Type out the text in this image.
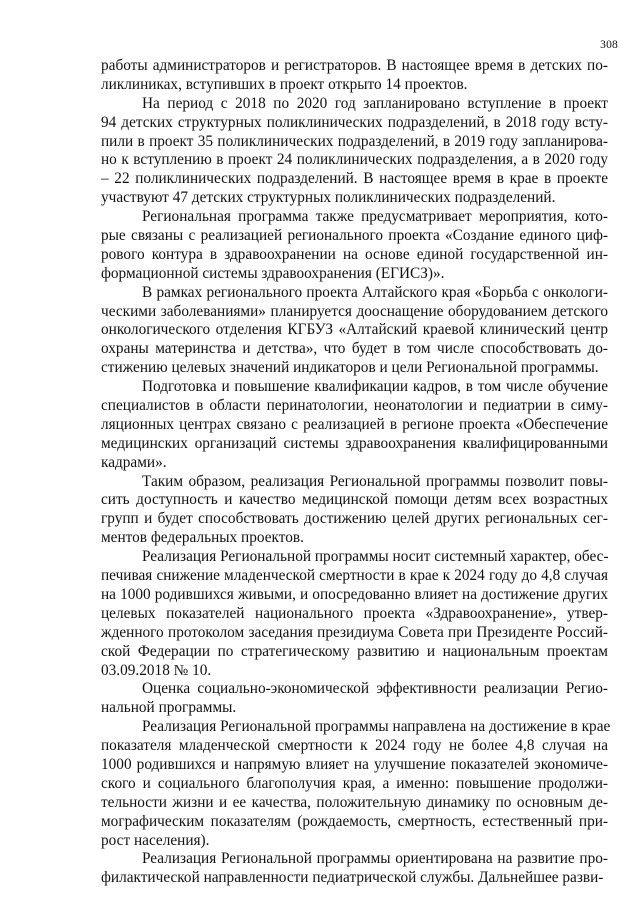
308
работы администраторов и регистраторов. В настоящее время в детских по-
ликлиниках, вступивших в проект открыто 14 проектов.
На период с 2018 по 2020 год запланировано вступление в проект
94 детских структурных поликлинических подразделений, в 2018 году всту-
пили в проект 35 поликлинических подразделений, в 2019 году запланирова-
но к вступлению в проект 24 поликлинических подразделения, а в 2020 году
– 22 поликлинических подразделений. В настоящее время в крае в проекте
участвуют 47 детских структурных поликлинических подразделений.
Региональная программа также предусматривает мероприятия, кото-
рые связаны с реализацией регионального проекта «Создание единого циф-
рового контура в здравоохранении на основе единой государственной ин-
формационной системы здравоохранения (ЕГИСЗ)».
В рамках регионального проекта Алтайского края «Борьба с онкологи-
ческими заболеваниями» планируется дооснащение оборудованием детского
онкологического отделения КГБУЗ «Алтайский краевой клинический центр
охраны материнства и детства», что будет в том числе способствовать до-
стижению целевых значений индикаторов и цели Региональной программы.
Подготовка и повышение квалификации кадров, в том числе обучение
специалистов в области перинатологии, неонатологии и педиатрии в симу-
ляционных центрах связано с реализацией в регионе проекта «Обеспечение
медицинских организаций системы здравоохранения квалифицированными
кадрами».
Таким образом, реализация Региональной программы позволит повы-
сить доступность и качество медицинской помощи детям всех возрастных
групп и будет способствовать достижению целей других региональных сег-
ментов федеральных проектов.
Реализация Региональной программы носит системный характер, обес-
печивая снижение младенческой смертности в крае к 2024 году до 4,8 случая
на 1000 родившихся живыми, и опосредованно влияет на достижение других
целевых показателей национального проекта «Здравоохранение», утвер-
жденного протоколом заседания президиума Совета при Президенте Россий-
ской Федерации по стратегическому развитию и национальным проектам
03.09.2018 № 10.
Оценка социально-экономической эффективности реализации Регио-
нальной программы.
Реализация Региональной программы направлена на достижение в крае
показателя младенческой смертности к 2024 году не более 4,8 случая на
1000 родившихся и напрямую влияет на улучшение показателей экономиче-
ского и социального благополучия края, а именно: повышение продолжи-
тельности жизни и ее качества, положительную динамику по основным де-
мографическим показателям (рождаемость, смертность, естественный при-
рост населения).
Реализация Региональной программы ориентирована на развитие про-
филактической направленности педиатрической службы. Дальнейшее разви-
